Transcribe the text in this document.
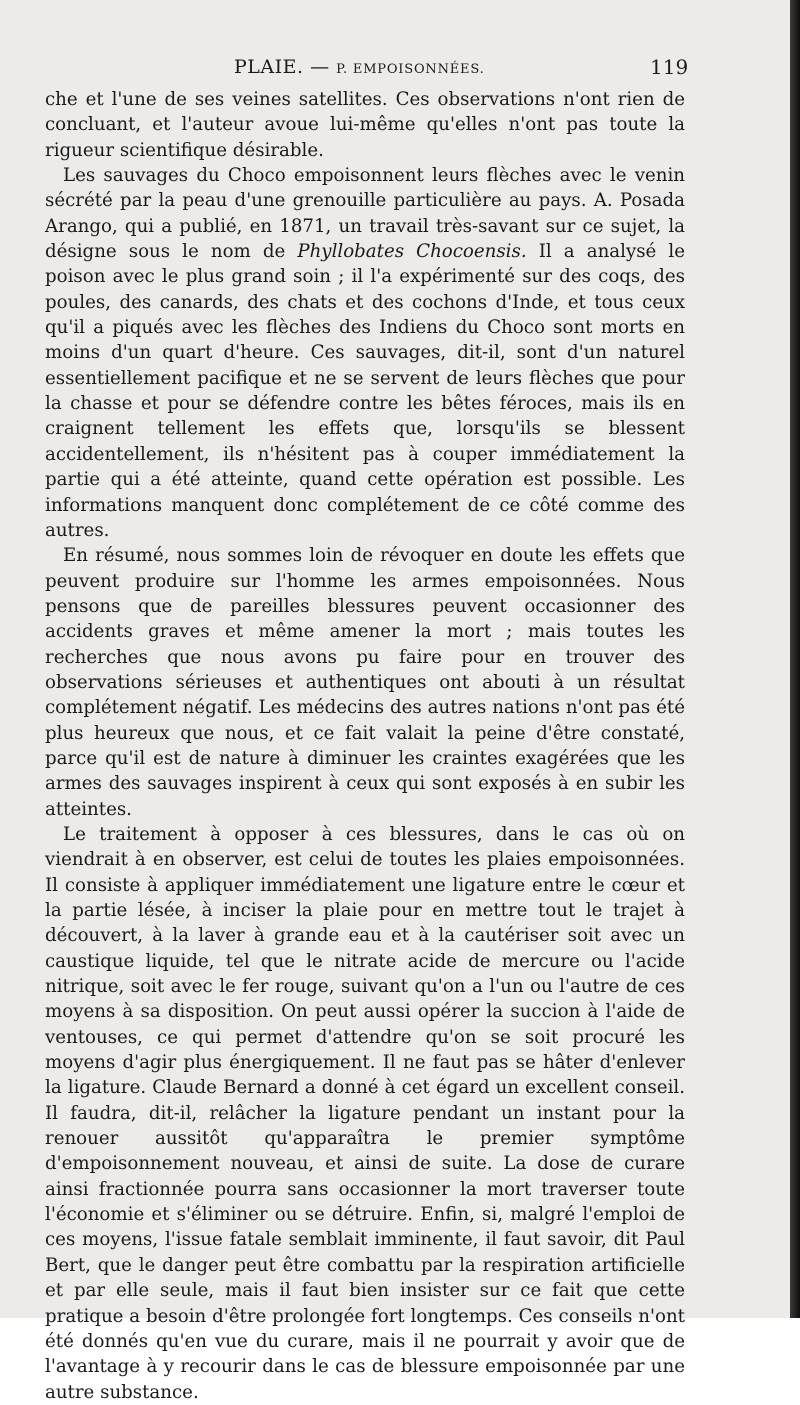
PLAIE. — P. EMPOISONNÉES.	119

che et l'une de ses veines satellites. Ces observations n'ont rien de concluant, et l'auteur avoue lui-même qu'elles n'ont pas toute la rigueur scientifique désirable.

Les sauvages du Choco empoisonnent leurs flèches avec le venin sécrété par la peau d'une grenouille particulière au pays. A. Posada Arango, qui a publié, en 1871, un travail très-savant sur ce sujet, la désigne sous le nom de Phyllobates Chocoensis. Il a analysé le poison avec le plus grand soin ; il l'a expérimenté sur des coqs, des poules, des canards, des chats et des cochons d'Inde, et tous ceux qu'il a piqués avec les flèches des Indiens du Choco sont morts en moins d'un quart d'heure. Ces sauvages, dit-il, sont d'un naturel essentiellement pacifique et ne se servent de leurs flèches que pour la chasse et pour se défendre contre les bêtes féroces, mais ils en craignent tellement les effets que, lorsqu'ils se blessent accidentellement, ils n'hésitent pas à couper immédiatement la partie qui a été atteinte, quand cette opération est possible. Les informations manquent donc complétement de ce côté comme des autres.

En résumé, nous sommes loin de révoquer en doute les effets que peuvent produire sur l'homme les armes empoisonnées. Nous pensons que de pareilles blessures peuvent occasionner des accidents graves et même amener la mort ; mais toutes les recherches que nous avons pu faire pour en trouver des observations sérieuses et authentiques ont abouti à un résultat complétement négatif. Les médecins des autres nations n'ont pas été plus heureux que nous, et ce fait valait la peine d'être constaté, parce qu'il est de nature à diminuer les craintes exagérées que les armes des sauvages inspirent à ceux qui sont exposés à en subir les atteintes.

Le traitement à opposer à ces blessures, dans le cas où on viendrait à en observer, est celui de toutes les plaies empoisonnées. Il consiste à appliquer immédiatement une ligature entre le cœur et la partie lésée, à inciser la plaie pour en mettre tout le trajet à découvert, à la laver à grande eau et à la cautériser soit avec un caustique liquide, tel que le nitrate acide de mercure ou l'acide nitrique, soit avec le fer rouge, suivant qu'on a l'un ou l'autre de ces moyens à sa disposition. On peut aussi opérer la succion à l'aide de ventouses, ce qui permet d'attendre qu'on se soit procuré les moyens d'agir plus énergiquement. Il ne faut pas se hâter d'enlever la ligature. Claude Bernard a donné à cet égard un excellent conseil. Il faudra, dit-il, relâcher la ligature pendant un instant pour la renouer aussitôt qu'apparaîtra le premier symptôme d'empoisonnement nouveau, et ainsi de suite. La dose de curare ainsi fractionnée pourra sans occasionner la mort traverser toute l'économie et s'éliminer ou se détruire. Enfin, si, malgré l'emploi de ces moyens, l'issue fatale semblait imminente, il faut savoir, dit Paul Bert, que le danger peut être combattu par la respiration artificielle et par elle seule, mais il faut bien insister sur ce fait que cette pratique a besoin d'être prolongée fort longtemps. Ces conseils n'ont été donnés qu'en vue du curare, mais il ne pourrait y avoir que de l'avantage à y recourir dans le cas de blessure empoisonnée par une autre substance.
